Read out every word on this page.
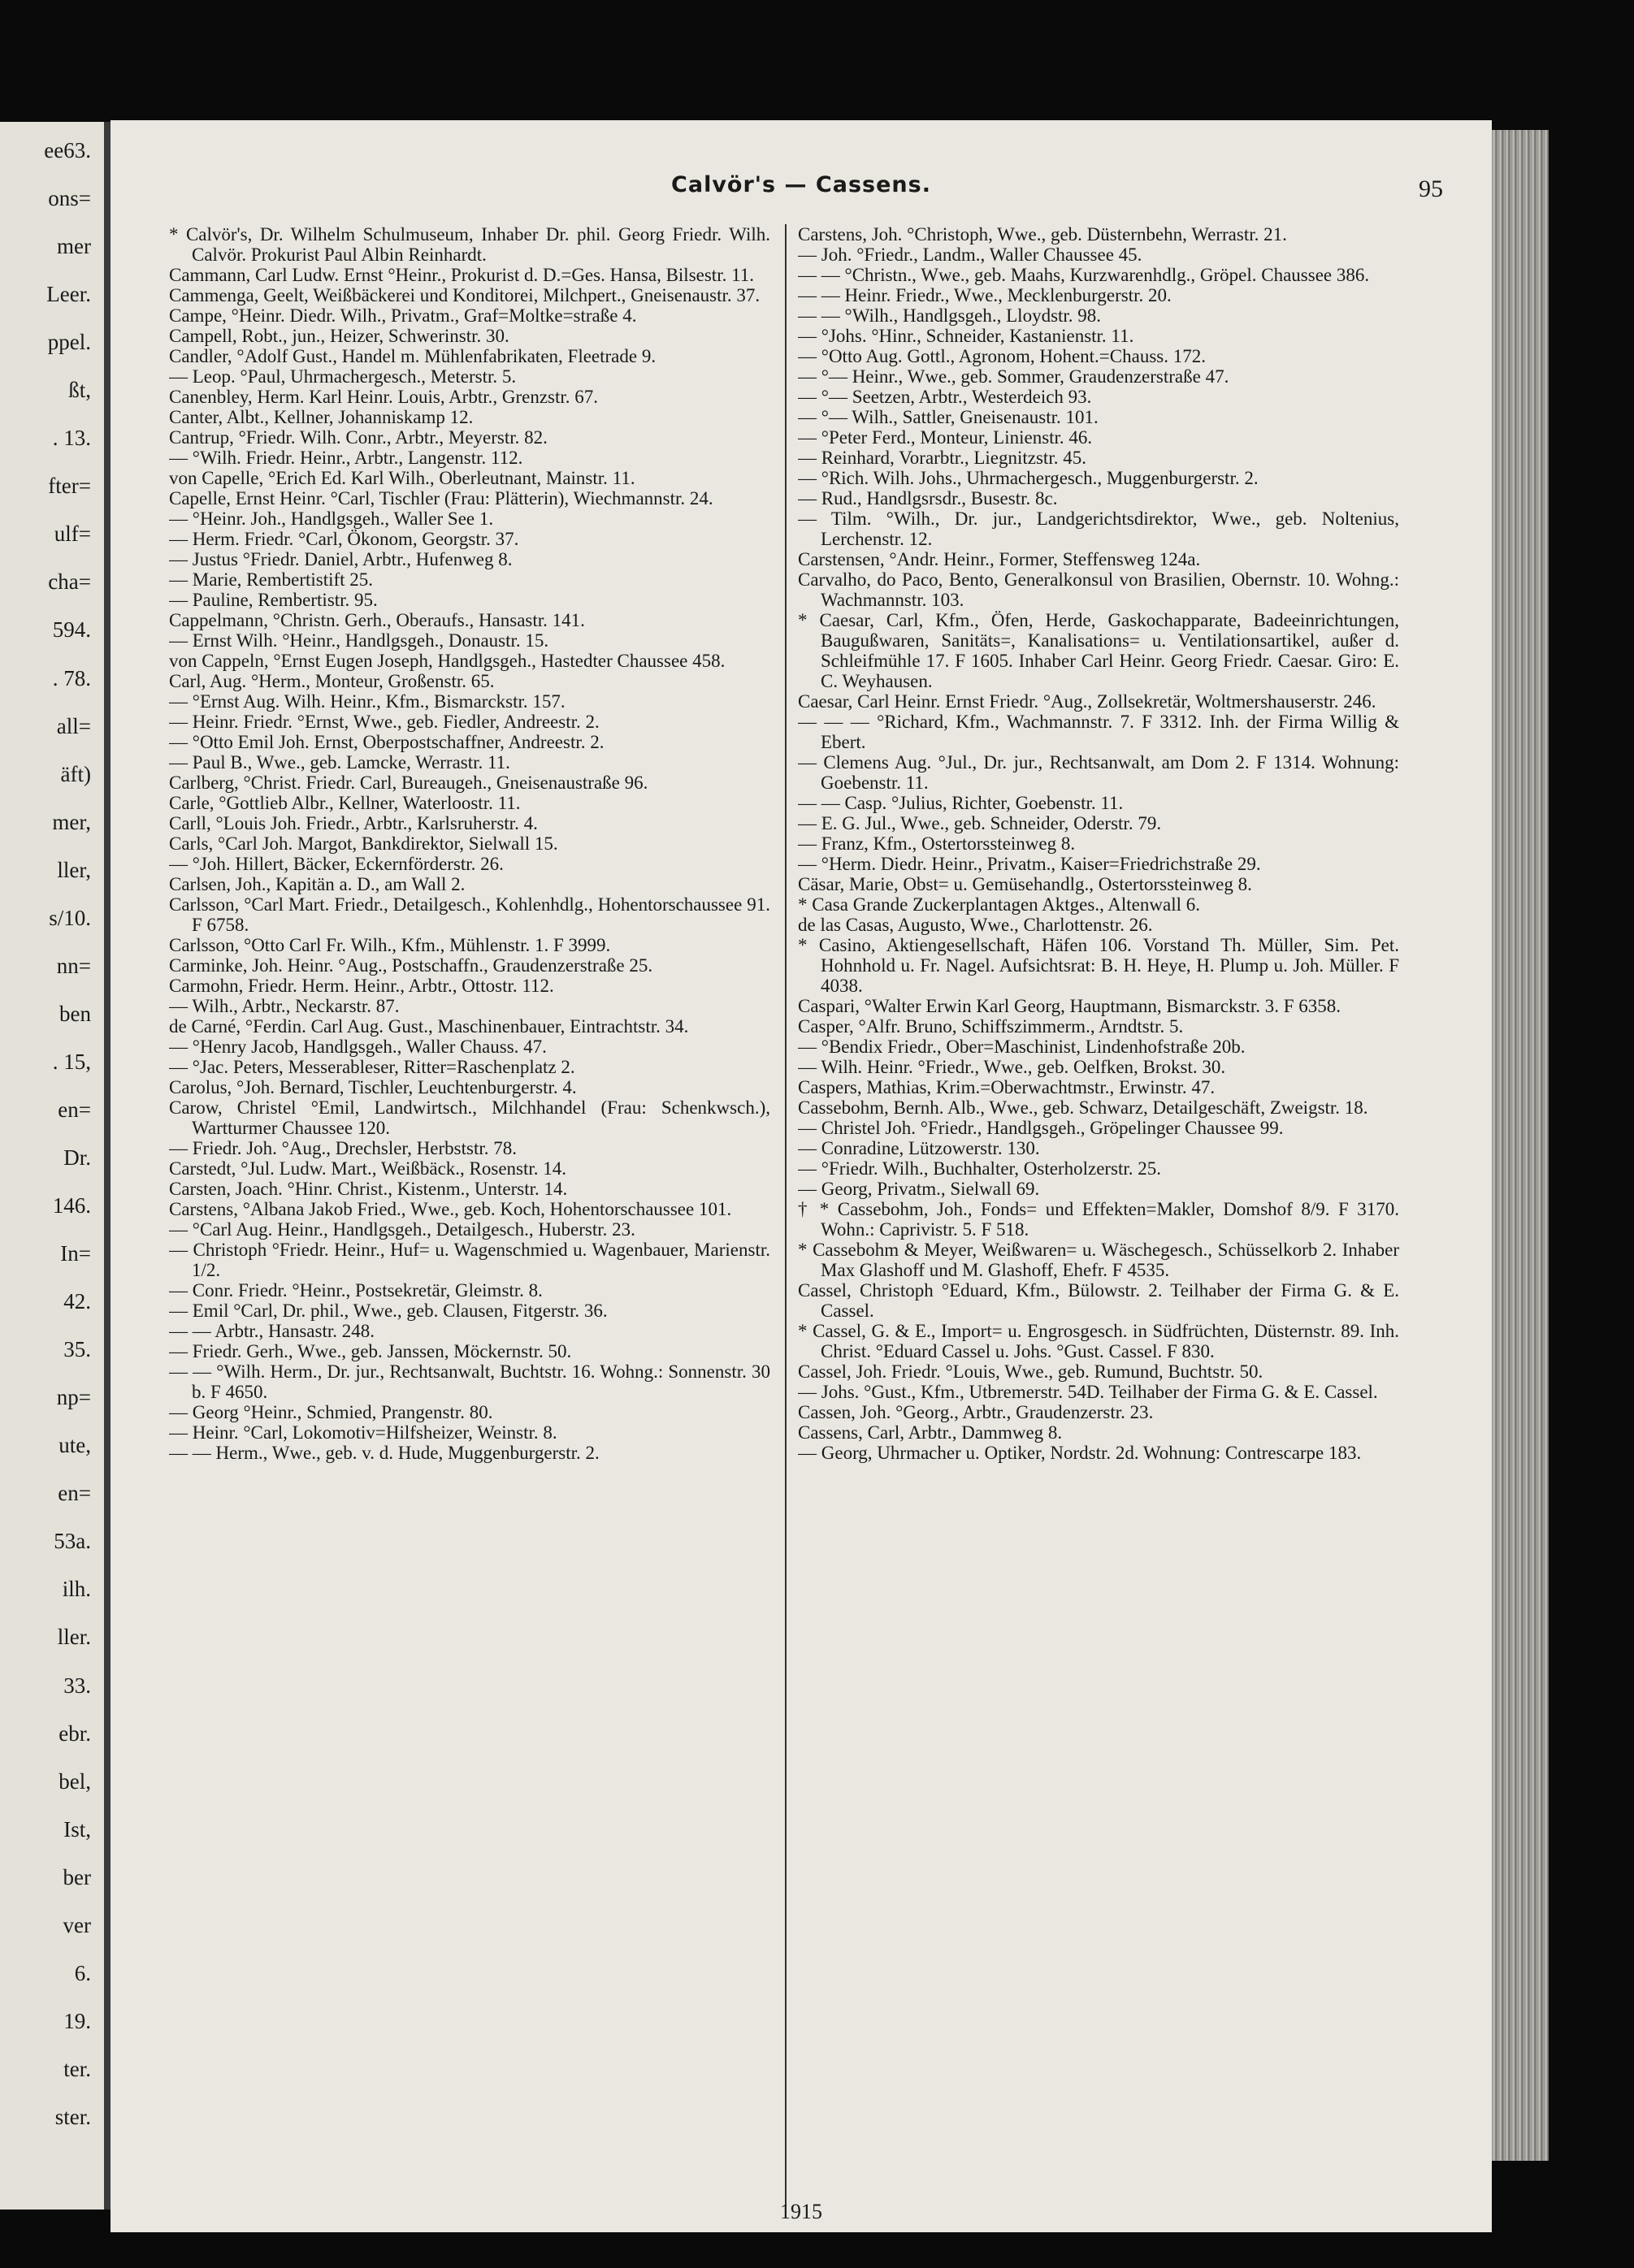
ee63.
ons=
mer
Leer.
ppel.
ßt,
. 13.
fter=
ulf=
cha=
594.
. 78.
all=
äft)
mer,
ller,
s/10.
nn=
ben
. 15,
en=
Dr.
146.
In=
42.
35.
np=
ute,
en=
53a.
ilh.
ller.
33.
ebr.
bel,
Ist,
ber
ver
6.
19.
ter.
ster.
Calvör's — Cassens.	95
* Calvör's, Dr. Wilhelm Schulmuseum, Inhaber Dr. phil. Georg Friedr. Wilh. Calvör. Prokurist Paul Albin Reinhardt.
Cammann, Carl Ludw. Ernst °Heinr., Prokurist d. D.=Ges. Hansa, Bilsestr. 11.
Cammenga, Geelt, Weißbäckerei und Konditorei, Milchpert., Gneisenaustr. 37.
Campe, °Heinr. Diedr. Wilh., Privatm., Graf=Moltke=straße 4.
Campell, Robt., jun., Heizer, Schwerinstr. 30.
Candler, °Adolf Gust., Handel m. Mühlenfabrikaten, Fleetrade 9.
— Leop. °Paul, Uhrmachergesch., Meterstr. 5.
Canenbley, Herm. Karl Heinr. Louis, Arbtr., Grenzstr. 67.
Canter, Albt., Kellner, Johanniskamp 12.
Cantrup, °Friedr. Wilh. Conr., Arbtr., Meyerstr. 82.
— °Wilh. Friedr. Heinr., Arbtr., Langenstr. 112.
von Capelle, °Erich Ed. Karl Wilh., Oberleutnant, Mainstr. 11.
Capelle, Ernst Heinr. °Carl, Tischler (Frau: Plätterin), Wiechmannstr. 24.
— °Heinr. Joh., Handlgsgeh., Waller See 1.
— Herm. Friedr. °Carl, Ökonom, Georgstr. 37.
— Justus °Friedr. Daniel, Arbtr., Hufenweg 8.
— Marie, Rembertistift 25.
— Pauline, Rembertistr. 95.
Cappelmann, °Christn. Gerh., Oberaufs., Hansastr. 141.
— Ernst Wilh. °Heinr., Handlgsgeh., Donaustr. 15.
von Cappeln, °Ernst Eugen Joseph, Handlgsgeh., Hastedter Chaussee 458.
Carl, Aug. °Herm., Monteur, Großenstr. 65.
— °Ernst Aug. Wilh. Heinr., Kfm., Bismarckstr. 157.
— Heinr. Friedr. °Ernst, Wwe., geb. Fiedler, Andreestr. 2.
— °Otto Emil Joh. Ernst, Oberpostschaffner, Andreestr. 2.
— Paul B., Wwe., geb. Lamcke, Werrastr. 11.
Carlberg, °Christ. Friedr. Carl, Bureaugeh., Gneisenaustraße 96.
Carle, °Gottlieb Albr., Kellner, Waterloostr. 11.
Carll, °Louis Joh. Friedr., Arbtr., Karlsruherstr. 4.
Carls, °Carl Joh. Margot, Bankdirektor, Sielwall 15.
— °Joh. Hillert, Bäcker, Eckernförderstr. 26.
Carlsen, Joh., Kapitän a. D., am Wall 2.
Carlsson, °Carl Mart. Friedr., Detailgesch., Kohlenhdlg., Hohentorschaussee 91. F 6758.
Carlsson, °Otto Carl Fr. Wilh., Kfm., Mühlenstr. 1. F 3999.
Carminke, Joh. Heinr. °Aug., Postschaffn., Graudenzerstraße 25.
Carmohn, Friedr. Herm. Heinr., Arbtr., Ottostr. 112.
— Wilh., Arbtr., Neckarstr. 87.
de Carné, °Ferdin. Carl Aug. Gust., Maschinenbauer, Eintrachtstr. 34.
— °Henry Jacob, Handlgsgeh., Waller Chauss. 47.
— °Jac. Peters, Messerableser, Ritter=Raschenplatz 2.
Carolus, °Joh. Bernard, Tischler, Leuchtenburgerstr. 4.
Carow, Christel °Emil, Landwirtsch., Milchhandel (Frau: Schenkwsch.), Wartturmer Chaussee 120.
— Friedr. Joh. °Aug., Drechsler, Herbststr. 78.
Carstedt, °Jul. Ludw. Mart., Weißbäck., Rosenstr. 14.
Carsten, Joach. °Hinr. Christ., Kistenm., Unterstr. 14.
Carstens, °Albana Jakob Fried., Wwe., geb. Koch, Hohentorschaussee 101.
— °Carl Aug. Heinr., Handlgsgeh., Detailgesch., Huberstr. 23.
— Christoph °Friedr. Heinr., Huf= u. Wagenschmied u. Wagenbauer, Marienstr. 1/2.
— Conr. Friedr. °Heinr., Postsekretär, Gleimstr. 8.
— Emil °Carl, Dr. phil., Wwe., geb. Clausen, Fitgerstr. 36.
— — Arbtr., Hansastr. 248.
— Friedr. Gerh., Wwe., geb. Janssen, Möckernstr. 50.
— — °Wilh. Herm., Dr. jur., Rechtsanwalt, Buchtstr. 16. Wohng.: Sonnenstr. 30 b. F 4650.
— Georg °Heinr., Schmied, Prangenstr. 80.
— Heinr. °Carl, Lokomotiv=Hilfsheizer, Weinstr. 8.
— — Herm., Wwe., geb. v. d. Hude, Muggenburgerstr. 2.
Carstens, Joh. °Christoph, Wwe., geb. Düsternbehn, Werrastr. 21.
— Joh. °Friedr., Landm., Waller Chaussee 45.
— — °Christn., Wwe., geb. Maahs, Kurzwarenhdlg., Gröpel. Chaussee 386.
— — Heinr. Friedr., Wwe., Mecklenburgerstr. 20.
— — °Wilh., Handlgsgeh., Lloydstr. 98.
— °Johs. °Hinr., Schneider, Kastanienstr. 11.
— °Otto Aug. Gottl., Agronom, Hohent.=Chauss. 172.
— °— Heinr., Wwe., geb. Sommer, Graudenzerstraße 47.
— °— Seetzen, Arbtr., Westerdeich 93.
— °— Wilh., Sattler, Gneisenaustr. 101.
— °Peter Ferd., Monteur, Linienstr. 46.
— Reinhard, Vorarbtr., Liegnitzstr. 45.
— °Rich. Wilh. Johs., Uhrmachergesch., Muggenburgerstr. 2.
— Rud., Handlgsrsdr., Busestr. 8c.
— Tilm. °Wilh., Dr. jur., Landgerichtsdirektor, Wwe., geb. Noltenius, Lerchenstr. 12.
Carstensen, °Andr. Heinr., Former, Steffensweg 124a.
Carvalho, do Paco, Bento, Generalkonsul von Brasilien, Obernstr. 10. Wohng.: Wachmannstr. 103.
* Caesar, Carl, Kfm., Öfen, Herde, Gaskochapparate, Badeeinrichtungen, Baugußwaren, Sanitäts=, Kanalisations= u. Ventilationsartikel, außer d. Schleifmühle 17. F 1605. Inhaber Carl Heinr. Georg Friedr. Caesar. Giro: E. C. Weyhausen.
Caesar, Carl Heinr. Ernst Friedr. °Aug., Zollsekretär, Woltmershauserstr. 246.
— — — °Richard, Kfm., Wachmannstr. 7. F 3312. Inh. der Firma Willig & Ebert.
— Clemens Aug. °Jul., Dr. jur., Rechtsanwalt, am Dom 2. F 1314. Wohnung: Goebenstr. 11.
— — Casp. °Julius, Richter, Goebenstr. 11.
— E. G. Jul., Wwe., geb. Schneider, Oderstr. 79.
— Franz, Kfm., Ostertorssteinweg 8.
— °Herm. Diedr. Heinr., Privatm., Kaiser=Friedrichstraße 29.
Cäsar, Marie, Obst= u. Gemüsehandlg., Ostertorssteinweg 8.
* Casa Grande Zuckerplantagen Aktges., Altenwall 6.
de las Casas, Augusto, Wwe., Charlottenstr. 26.
* Casino, Aktiengesellschaft, Häfen 106. Vorstand Th. Müller, Sim. Pet. Hohnhold u. Fr. Nagel. Aufsichtsrat: B. H. Heye, H. Plump u. Joh. Müller. F 4038.
Caspari, °Walter Erwin Karl Georg, Hauptmann, Bismarckstr. 3. F 6358.
Casper, °Alfr. Bruno, Schiffszimmerm., Arndtstr. 5.
— °Bendix Friedr., Ober=Maschinist, Lindenhofstraße 20b.
— Wilh. Heinr. °Friedr., Wwe., geb. Oelfken, Brokst. 30.
Caspers, Mathias, Krim.=Oberwachtmstr., Erwinstr. 47.
Cassebohm, Bernh. Alb., Wwe., geb. Schwarz, Detailgeschäft, Zweigstr. 18.
— Christel Joh. °Friedr., Handlgsgeh., Gröpelinger Chaussee 99.
— Conradine, Lützowerstr. 130.
— °Friedr. Wilh., Buchhalter, Osterholzerstr. 25.
— Georg, Privatm., Sielwall 69.
† * Cassebohm, Joh., Fonds= und Effekten=Makler, Domshof 8/9. F 3170. Wohn.: Caprivistr. 5. F 518.
* Cassebohm & Meyer, Weißwaren= u. Wäschegesch., Schüsselkorb 2. Inhaber Max Glashoff und M. Glashoff, Ehefr. F 4535.
Cassel, Christoph °Eduard, Kfm., Bülowstr. 2. Teilhaber der Firma G. & E. Cassel.
* Cassel, G. & E., Import= u. Engrosgesch. in Südfrüchten, Düsternstr. 89. Inh. Christ. °Eduard Cassel u. Johs. °Gust. Cassel. F 830.
Cassel, Joh. Friedr. °Louis, Wwe., geb. Rumund, Buchtstr. 50.
— Johs. °Gust., Kfm., Utbremerstr. 54D. Teilhaber der Firma G. & E. Cassel.
Cassen, Joh. °Georg., Arbtr., Graudenzerstr. 23.
Cassens, Carl, Arbtr., Dammweg 8.
— Georg, Uhrmacher u. Optiker, Nordstr. 2d. Wohnung: Contrescarpe 183.
1915
